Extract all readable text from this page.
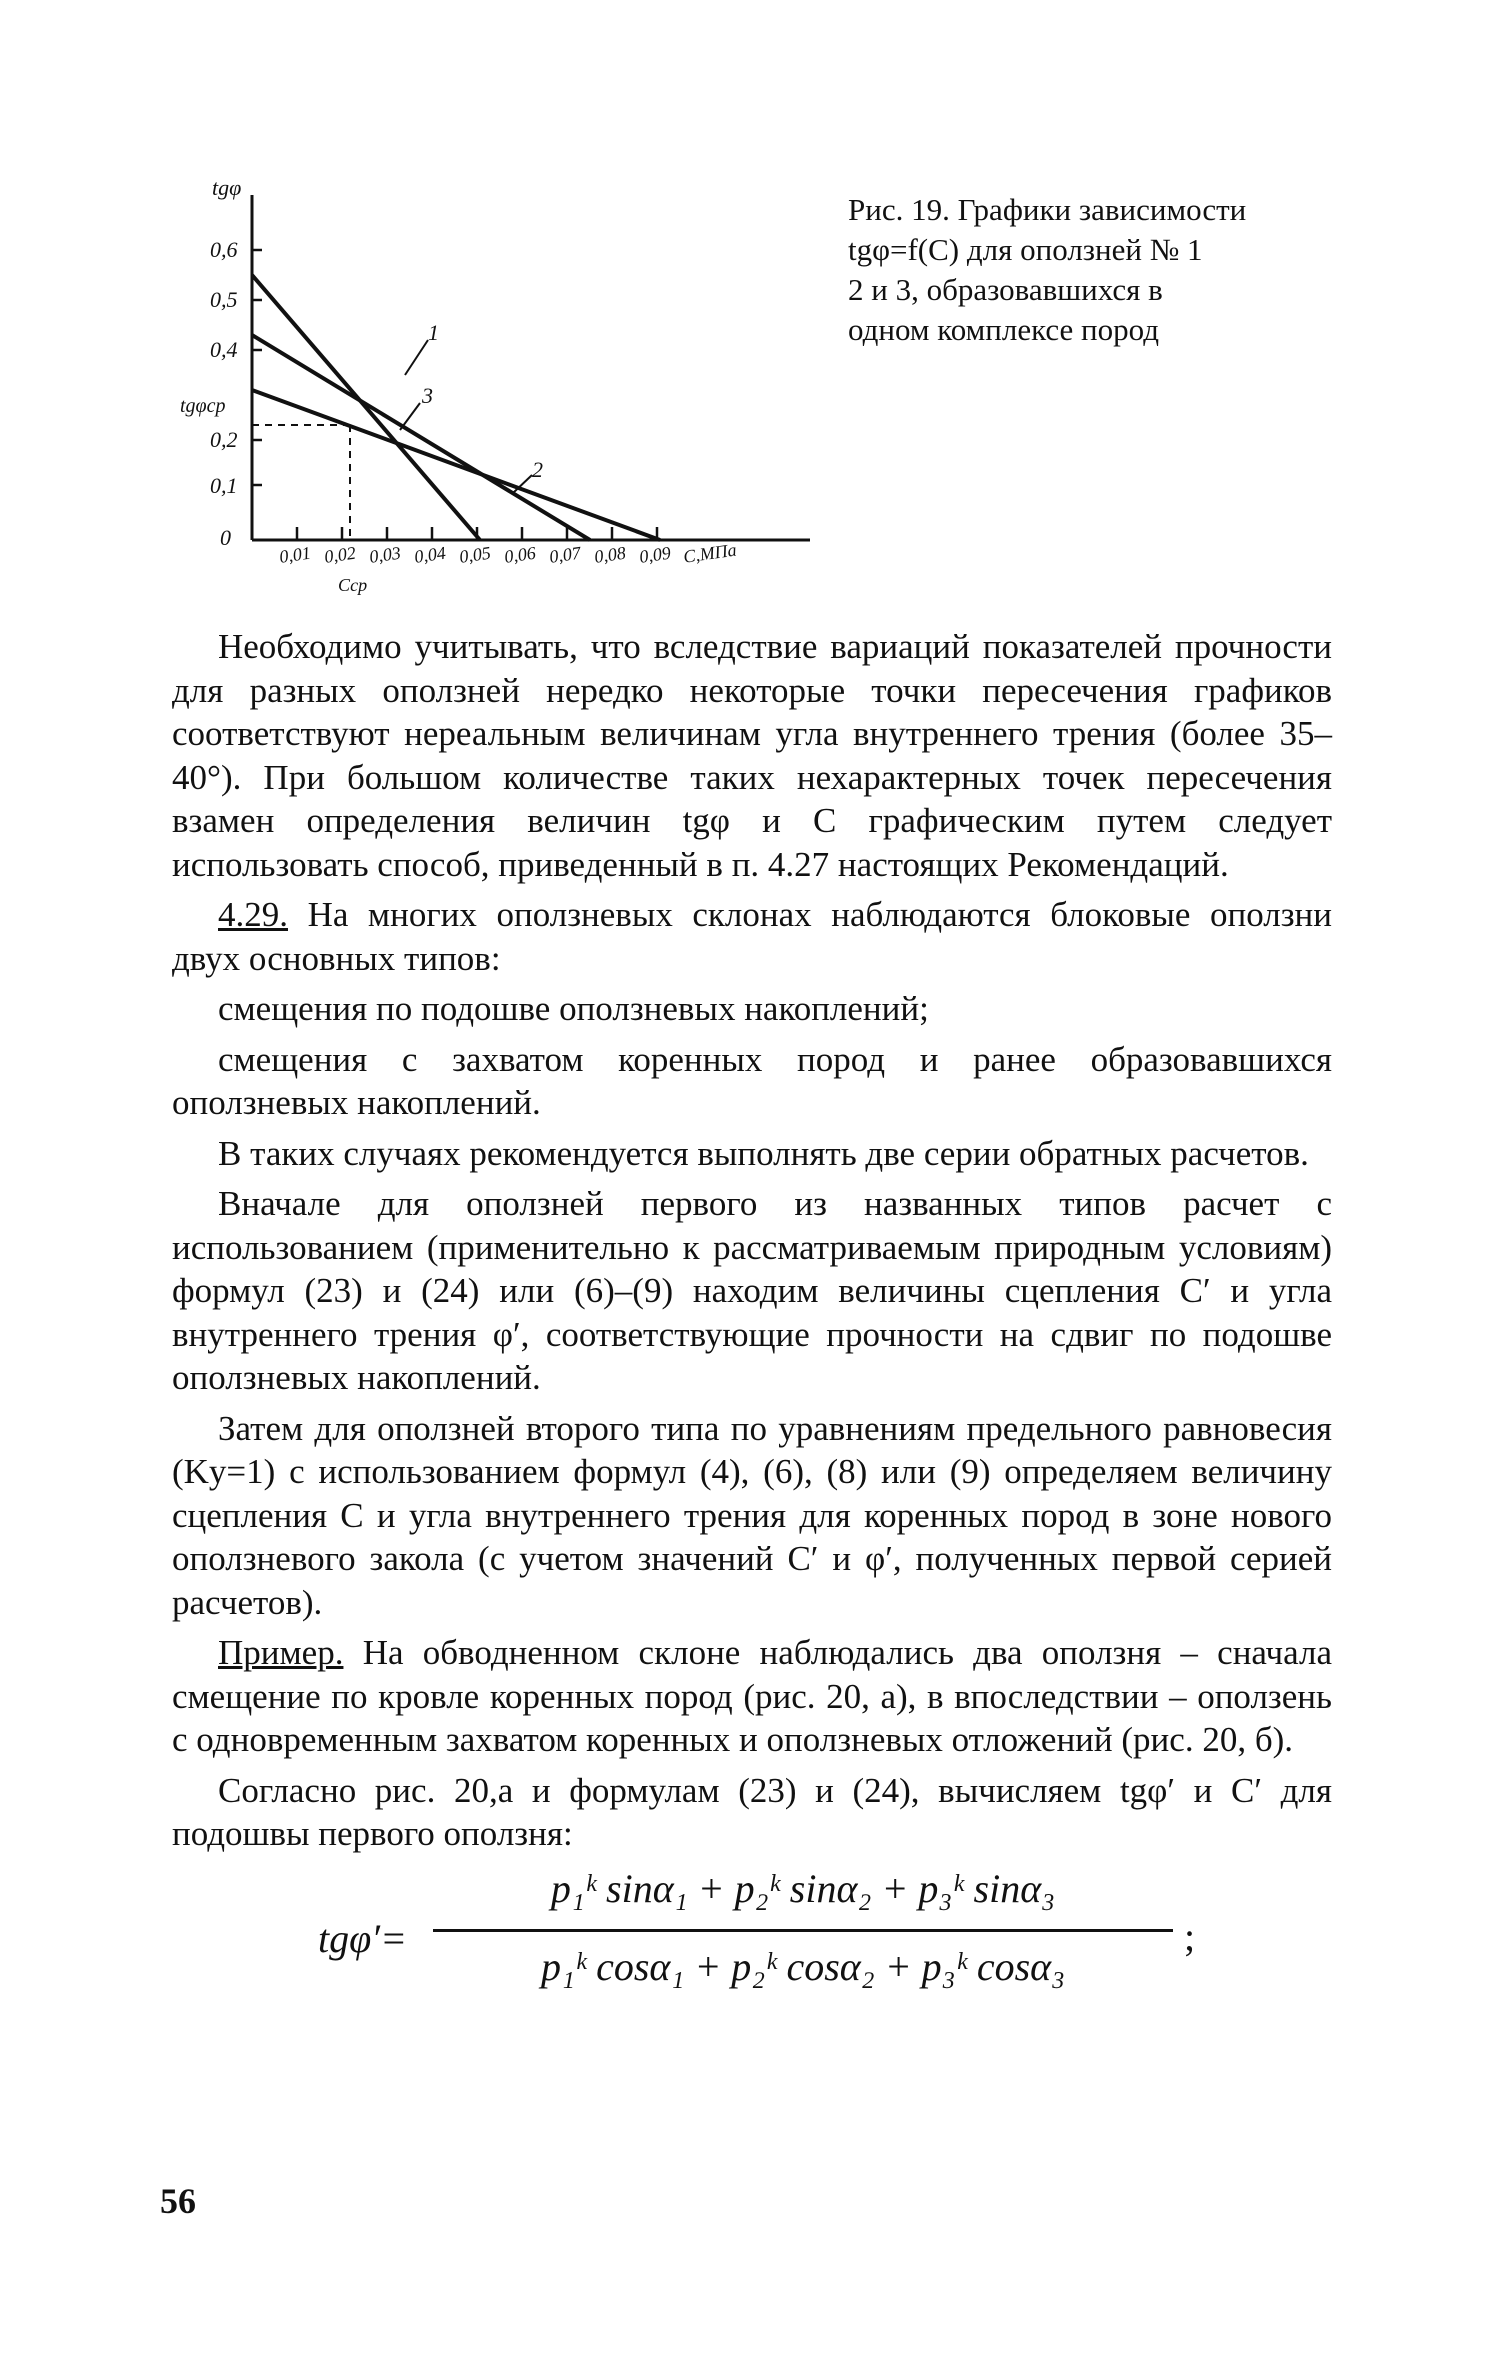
tgφ
0,6
0,5
0,4
tgφср
0,2
0,1
0
0,01 0,02 0,03 0,04 0,05 0,06 0,07 0,08 0,09 С,МПа
Сср
1
2
3
Рис. 19. Графики зависимости
tgφ=f(C) для оползней № 1
2 и 3, образовавшихся в
одном комплексе пород

Необходимо учитывать, что вследствие вариаций показателей прочности для разных оползней нередко некоторые точки пересечения графиков соответствуют нереальным величинам угла внутреннего трения (более 35–40°). При большом количестве таких нехарактерных точек пересечения взамен определения величин tgφ и С графическим путем следует использовать способ, приведенный в п. 4.27 настоящих Рекомендаций.

4.29. На многих оползневых склонах наблюдаются блоковые оползни двух основных типов:

смещения по подошве оползневых накоплений;

смещения с захватом коренных пород и ранее образовавшихся оползневых накоплений.

В таких случаях рекомендуется выполнять две серии обратных расчетов.

Вначале для оползней первого из названных типов расчет с использованием (применительно к рассматриваемым природным условиям) формул (23) и (24) или (6)–(9) находим величины сцепления C′ и угла внутреннего трения φ′, соответствующие прочности на сдвиг по подошве оползневых накоплений.

Затем для оползней второго типа по уравнениям предельного равновесия (Ky=1) с использованием формул (4), (6), (8) или (9) определяем величину сцепления C и угла внутреннего трения для коренных пород в зоне нового оползневого закола (с учетом значений C′ и φ′, полученных первой серией расчетов).

Пример. На обводненном склоне наблюдались два оползня – сначала смещение по кровле коренных пород (рис. 20, а), в впоследствии – оползень с одновременным захватом коренных и оползневых отложений (рис. 20, б).

Согласно рис. 20,а и формулам (23) и (24), вычисляем tgφ′ и C′ для подошвы первого оползня:

tgφ′=
p₁ᵏ sinα₁ + p₂ᵏ sinα₂ + p₃ᵏ sinα₃
p₁ᵏ cosα₁ + p₂ᵏ cosα₂ + p₃ᵏ cosα₃
;
56
